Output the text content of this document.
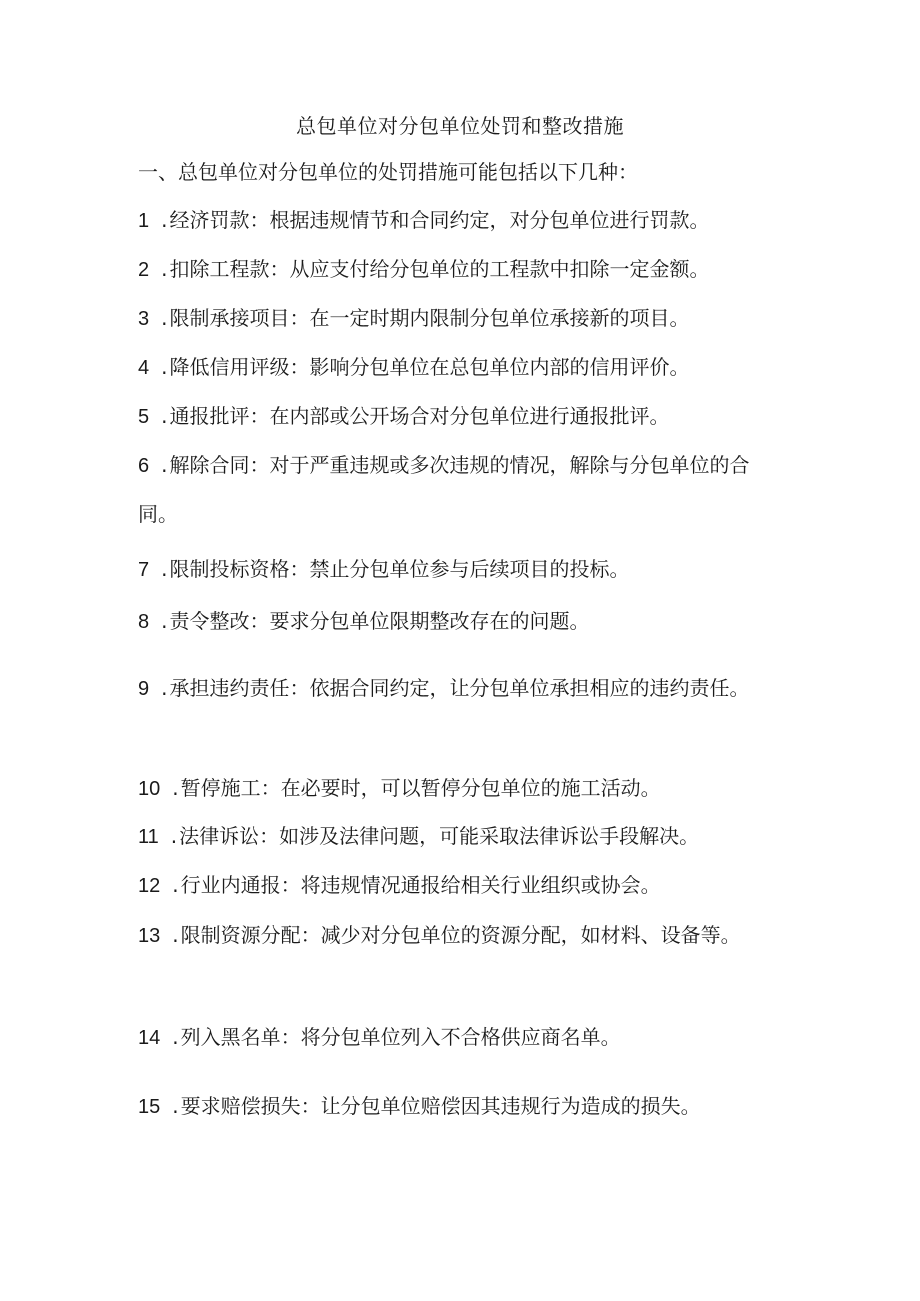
总包单位对分包单位处罚和整改措施
一、总包单位对分包单位的处罚措施可能包括以下几种：

1 . 经济罚款：根据违规情节和合同约定，对分包单位进行罚款。

2 . 扣除工程款：从应支付给分包单位的工程款中扣除一定金额。

3 . 限制承接项目：在一定时期内限制分包单位承接新的项目。

4 . 降低信用评级：影响分包单位在总包单位内部的信用评价。

5 . 通报批评：在内部或公开场合对分包单位进行通报批评。

6 . 解除合同：对于严重违规或多次违规的情况，解除与分包单位的合同。

7 . 限制投标资格：禁止分包单位参与后续项目的投标。

8 . 责令整改：要求分包单位限期整改存在的问题。

9 . 承担违约责任：依据合同约定，让分包单位承担相应的违约责任。

10 . 暂停施工：在必要时，可以暂停分包单位的施工活动。

11 . 法律诉讼：如涉及法律问题，可能采取法律诉讼手段解决。

12 . 行业内通报：将违规情况通报给相关行业组织或协会。

13 . 限制资源分配：减少对分包单位的资源分配，如材料、设备等。

14 . 列入黑名单：将分包单位列入不合格供应商名单。

15 . 要求赔偿损失：让分包单位赔偿因其违规行为造成的损失。
